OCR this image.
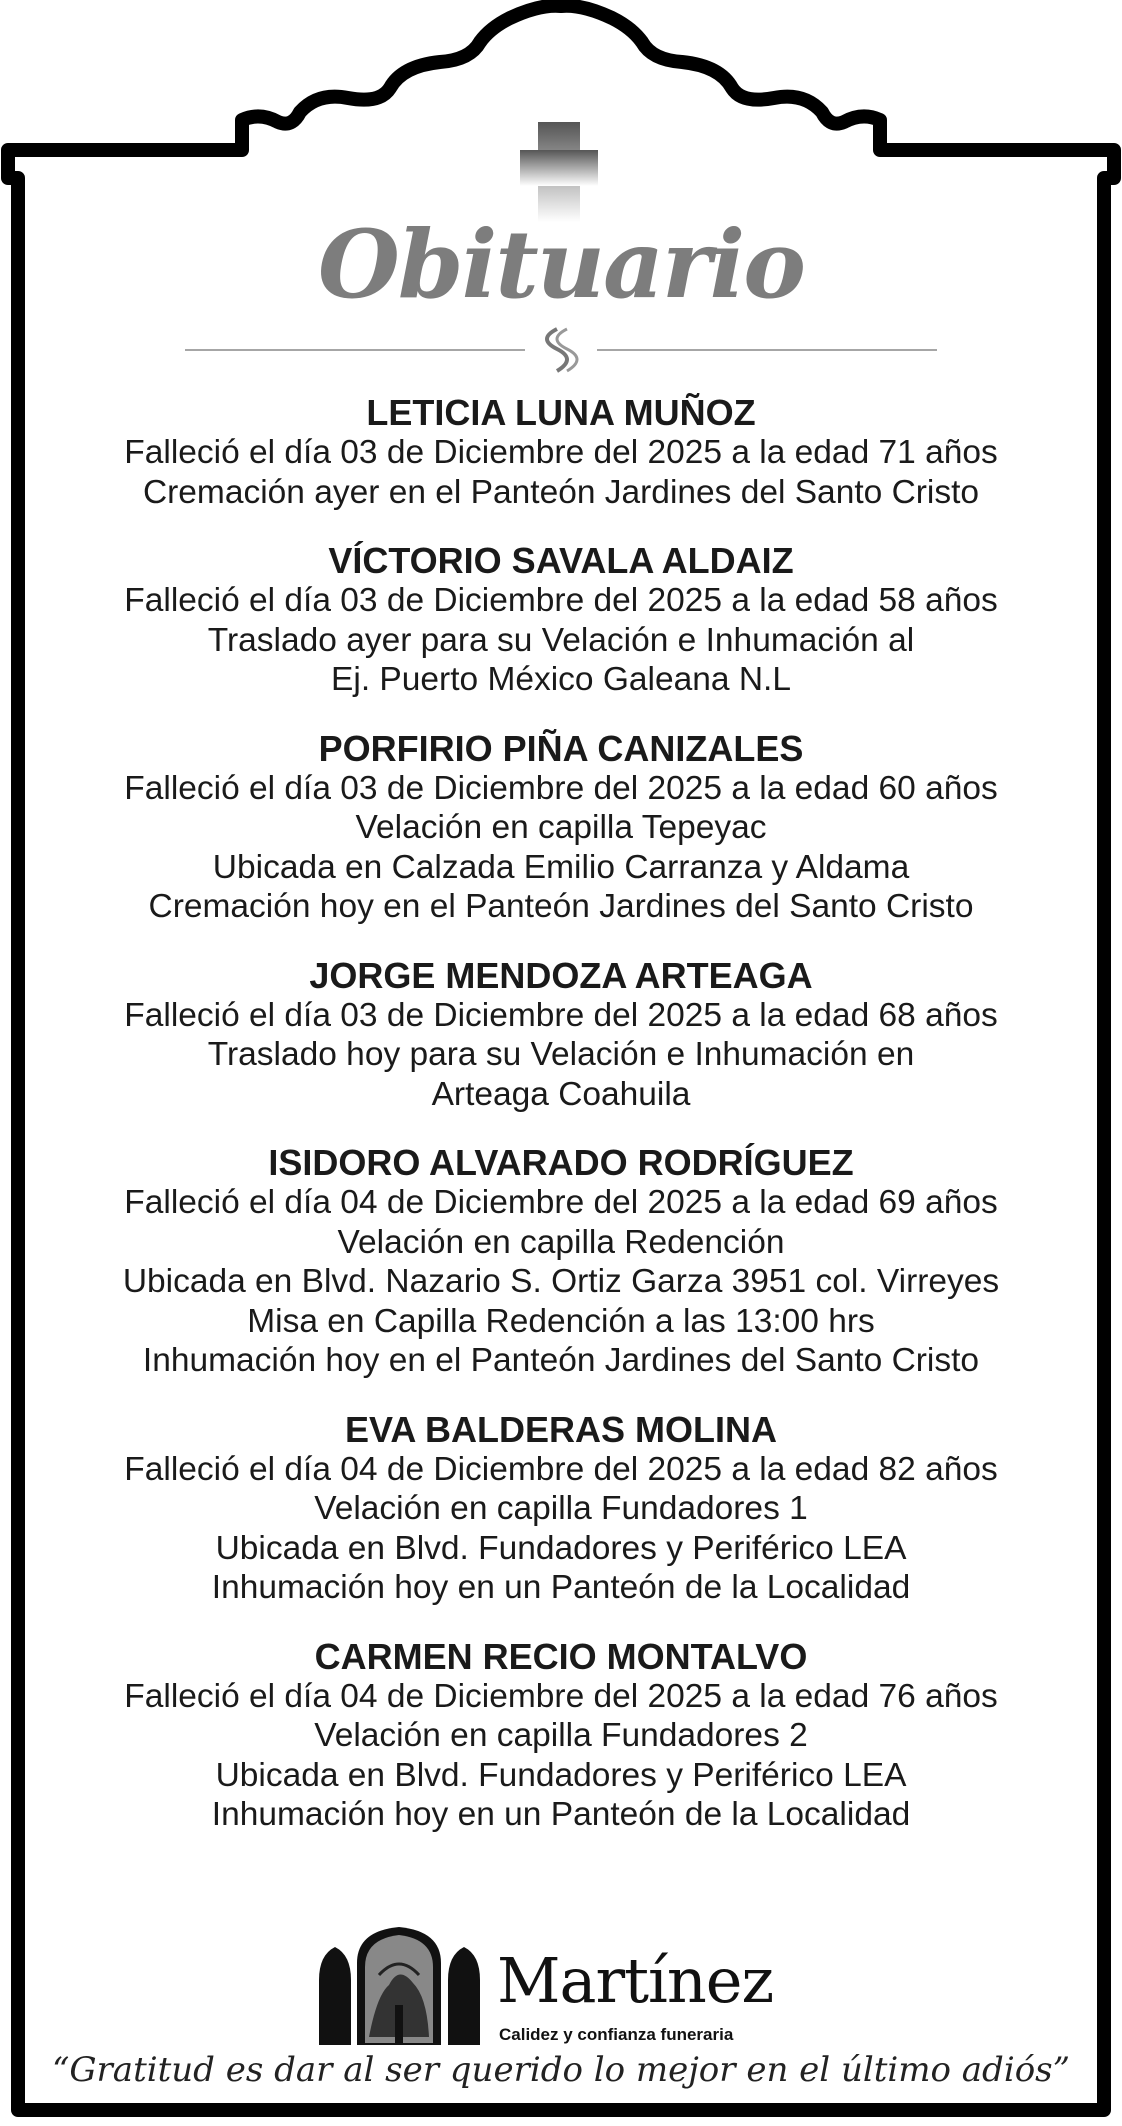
Obituario
LETICIA LUNA MUÑOZ
Falleció el día 03 de Diciembre del 2025 a la edad 71 años
Cremación ayer en el Panteón Jardines del Santo Cristo
VÍCTORIO SAVALA ALDAIZ
Falleció el día 03 de Diciembre del 2025 a la edad 58 años
Traslado ayer para su Velación e Inhumación al
Ej. Puerto México Galeana N.L
PORFIRIO PIÑA CANIZALES
Falleció el día 03 de Diciembre del 2025 a la edad 60 años
Velación en capilla Tepeyac
Ubicada en Calzada Emilio Carranza y Aldama
Cremación hoy en el Panteón Jardines del Santo Cristo
JORGE MENDOZA ARTEAGA
Falleció el día 03 de Diciembre del 2025 a la edad 68 años
Traslado hoy para su Velación e Inhumación en
Arteaga Coahuila
ISIDORO ALVARADO RODRÍGUEZ
Falleció el día 04 de Diciembre del 2025 a la edad 69 años
Velación en capilla Redención
Ubicada en Blvd. Nazario S. Ortiz Garza 3951 col. Virreyes
Misa en Capilla Redención a las 13:00 hrs
Inhumación hoy en el Panteón Jardines del Santo Cristo
EVA BALDERAS MOLINA
Falleció el día 04 de Diciembre del 2025 a la edad 82 años
Velación en capilla Fundadores 1
Ubicada en Blvd. Fundadores y Periférico LEA
Inhumación hoy en un Panteón de la Localidad
CARMEN RECIO MONTALVO
Falleció el día 04 de Diciembre del 2025 a la edad 76 años
Velación en capilla Fundadores 2
Ubicada en Blvd. Fundadores y Periférico LEA
Inhumación hoy en un Panteón de la Localidad
Martínez
Calidez y confianza funeraria
“Gratitud es dar al ser querido lo mejor en el último adiós”
